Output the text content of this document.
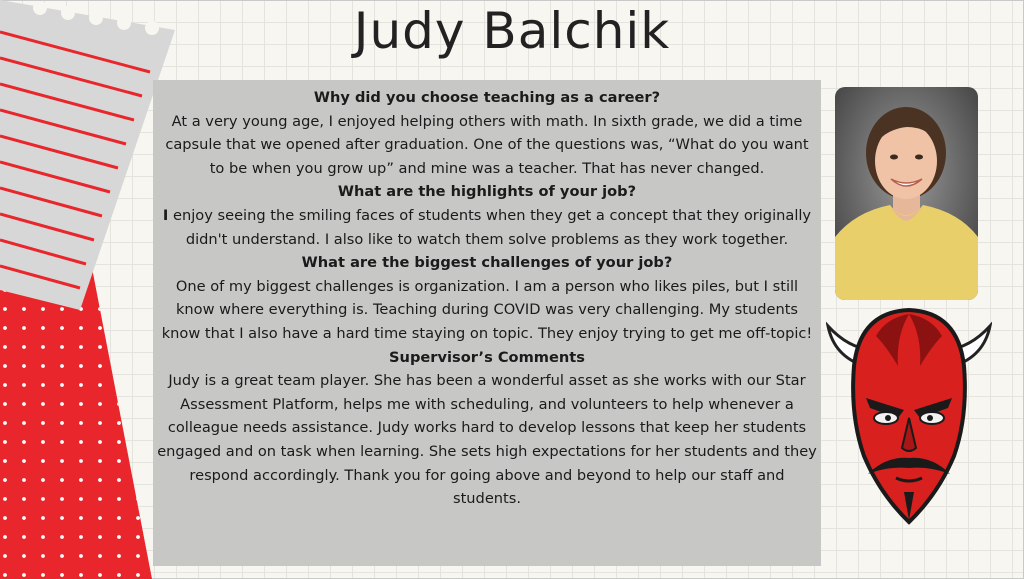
Judy Balchik
Why did you choose teaching as a career?

At a very young age, I enjoyed helping others with math. In sixth grade, we did a time capsule that we opened after graduation. One of the questions was, “What do you want to be when you grow up” and mine was a teacher. That has never changed.

What are the highlights of your job?

I enjoy seeing the smiling faces of students when they get a concept that they originally didn't understand. I also like to watch them solve problems as they work together.

What are the biggest challenges of your job?

One of my biggest challenges is organization. I am a person who likes piles, but I still know where everything is. Teaching during COVID was very challenging. My students know that I also have a hard time staying on topic. They enjoy trying to get me off-topic!

Supervisor’s Comments

Judy is a great team player. She has been a wonderful asset as she works with our Star Assessment Platform, helps me with scheduling, and volunteers to help whenever a colleague needs assistance. Judy works hard to develop lessons that keep her students engaged and on task when learning. She sets high expectations for her students and they respond accordingly. Thank you for going above and beyond to help our staff and students.
